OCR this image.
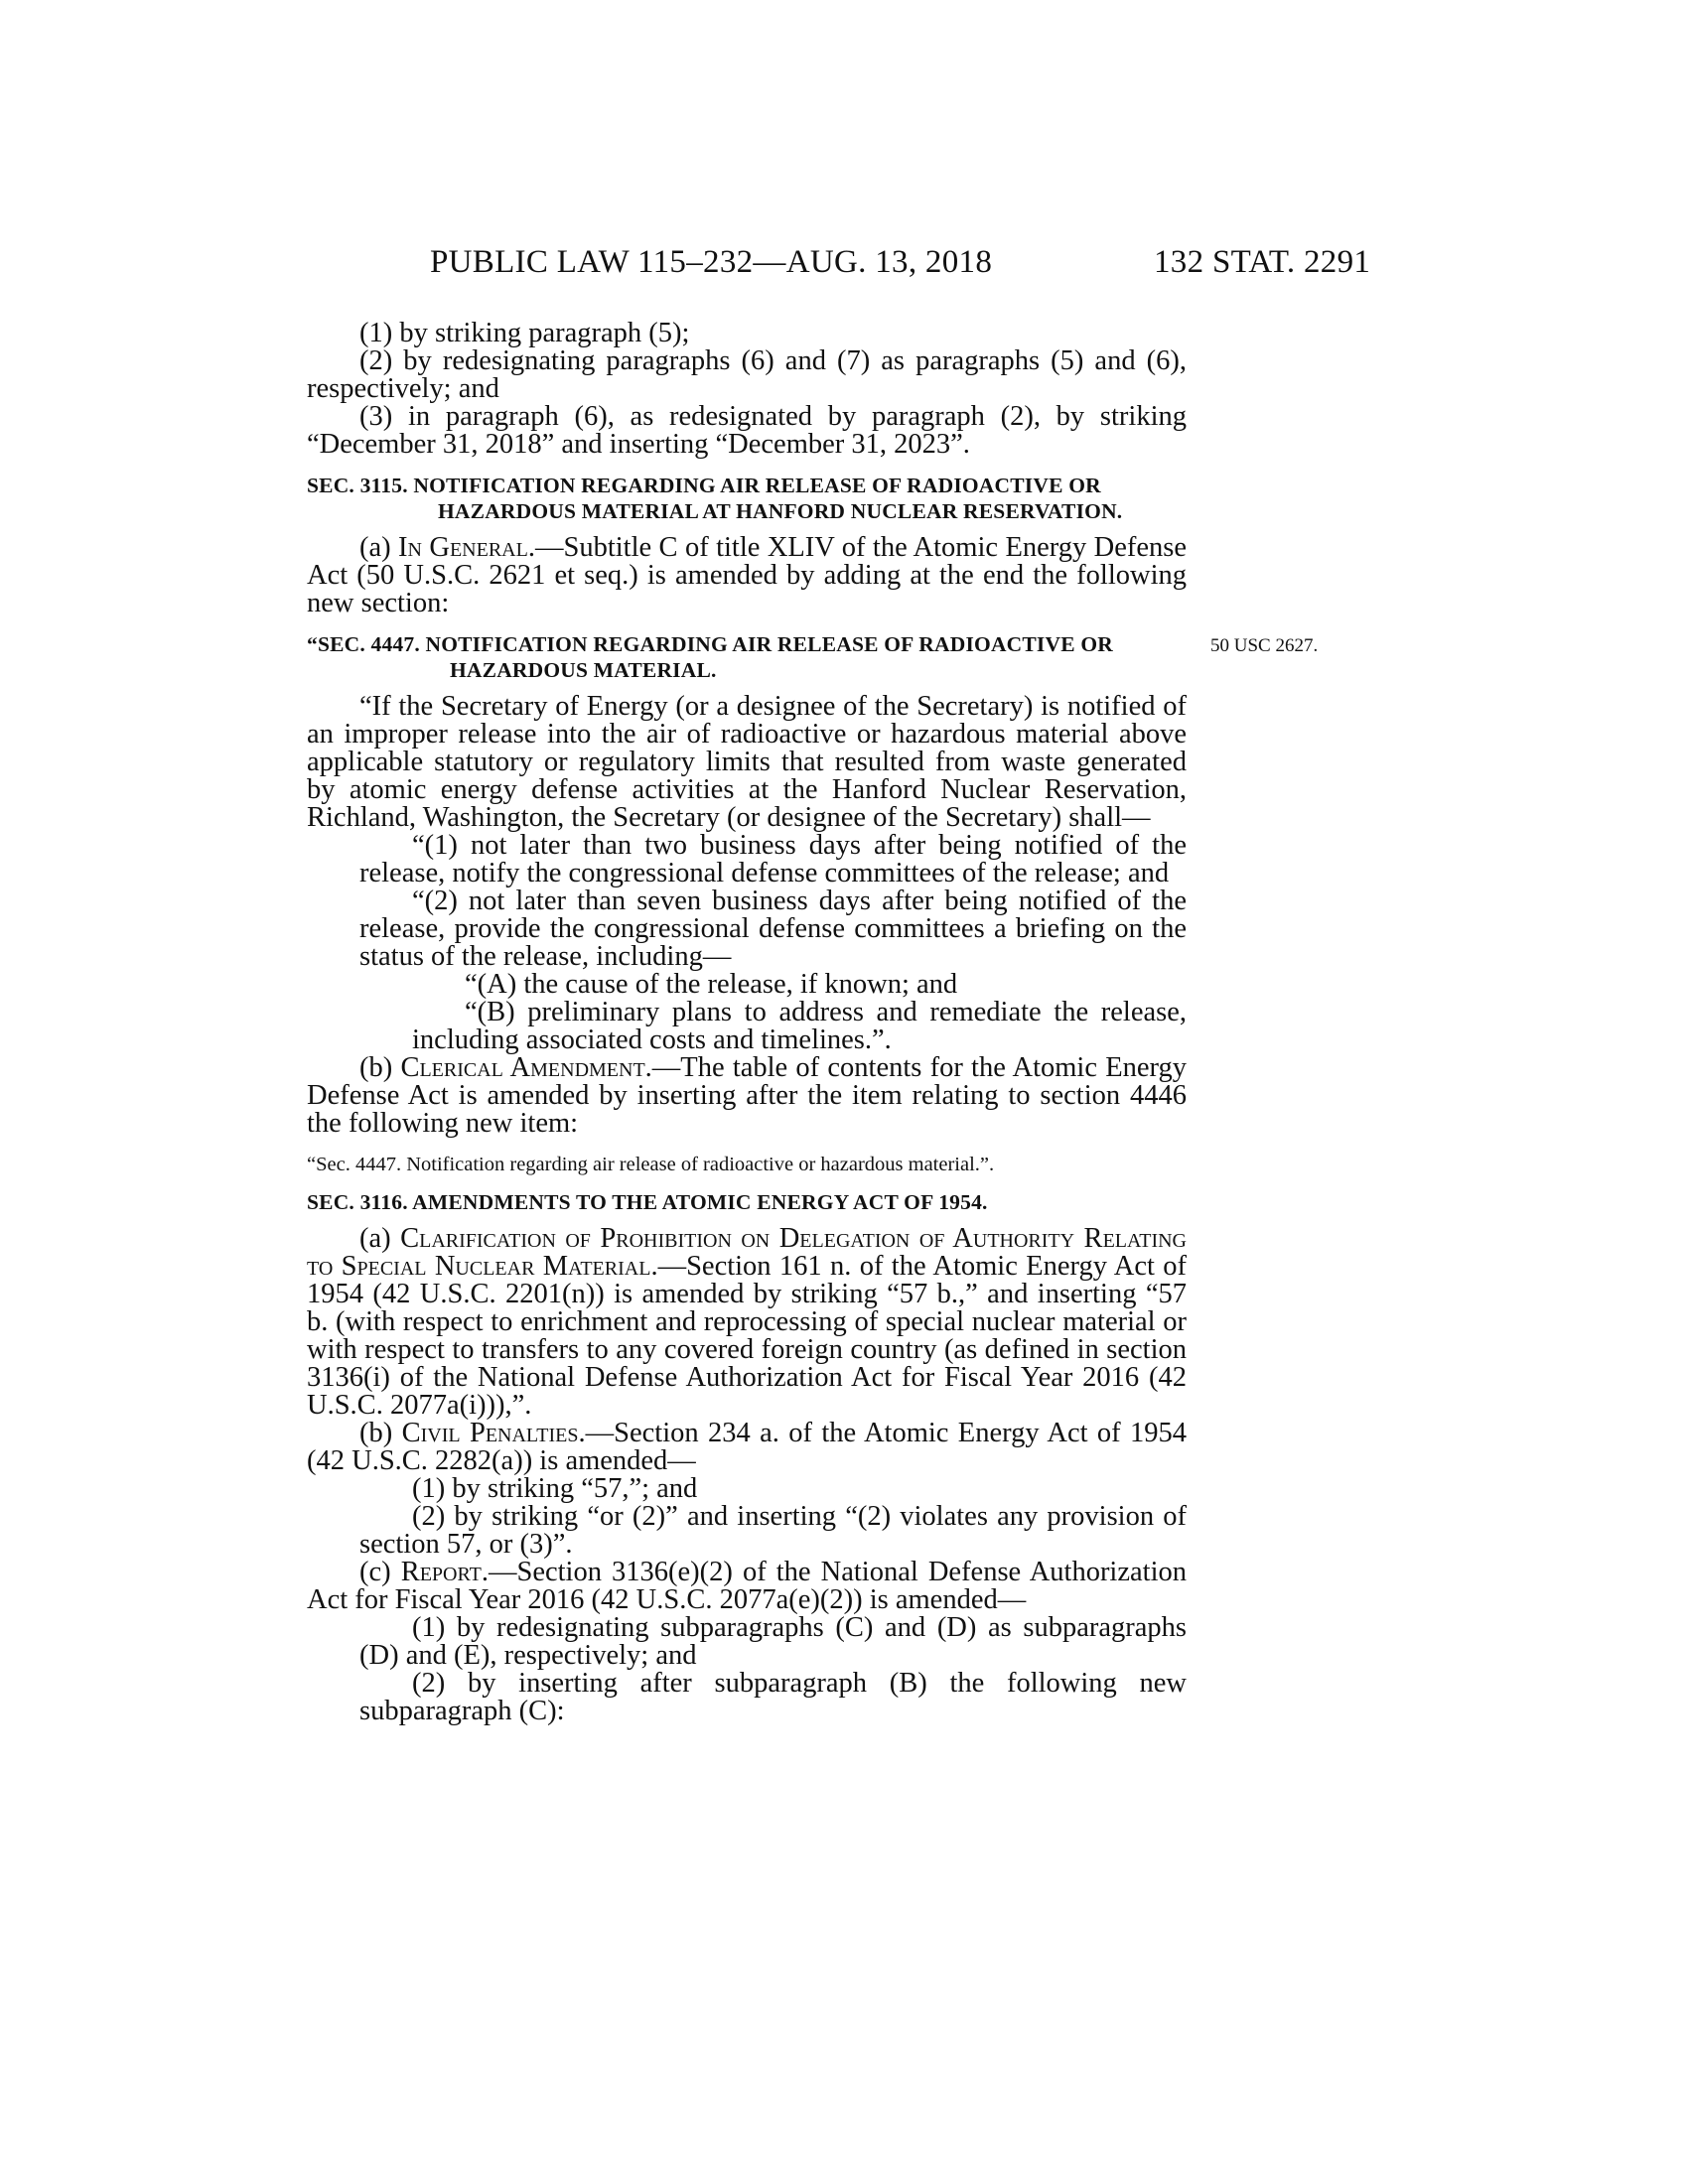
PUBLIC LAW 115–232—AUG. 13, 2018	132 STAT. 2291

(1) by striking paragraph (5);

(2) by redesignating paragraphs (6) and (7) as paragraphs (5) and (6), respectively; and

(3) in paragraph (6), as redesignated by paragraph (2), by striking “December 31, 2018” and inserting “December 31, 2023”.

SEC. 3115. NOTIFICATION REGARDING AIR RELEASE OF RADIOACTIVE OR HAZARDOUS MATERIAL AT HANFORD NUCLEAR RESERVATION.

(a) In General.—Subtitle C of title XLIV of the Atomic Energy Defense Act (50 U.S.C. 2621 et seq.) is amended by adding at the end the following new section:

“SEC. 4447. NOTIFICATION REGARDING AIR RELEASE OF RADIOACTIVE OR HAZARDOUS MATERIAL.
50 USC 2627.

“If the Secretary of Energy (or a designee of the Secretary) is notified of an improper release into the air of radioactive or hazardous material above applicable statutory or regulatory limits that resulted from waste generated by atomic energy defense activities at the Hanford Nuclear Reservation, Richland, Washington, the Secretary (or designee of the Secretary) shall—

“(1) not later than two business days after being notified of the release, notify the congressional defense committees of the release; and

“(2) not later than seven business days after being notified of the release, provide the congressional defense committees a briefing on the status of the release, including—

“(A) the cause of the release, if known; and

“(B) preliminary plans to address and remediate the release, including associated costs and timelines.”.

(b) Clerical Amendment.—The table of contents for the Atomic Energy Defense Act is amended by inserting after the item relating to section 4446 the following new item:

“Sec. 4447. Notification regarding air release of radioactive or hazardous material.”.
SEC. 3116. AMENDMENTS TO THE ATOMIC ENERGY ACT OF 1954.

(a) Clarification of Prohibition on Delegation of Authority Relating to Special Nuclear Material.—Section 161 n. of the Atomic Energy Act of 1954 (42 U.S.C. 2201(n)) is amended by striking “57 b.,” and inserting “57 b. (with respect to enrichment and reprocessing of special nuclear material or with respect to transfers to any covered foreign country (as defined in section 3136(i) of the National Defense Authorization Act for Fiscal Year 2016 (42 U.S.C. 2077a(i))),”.

(b) Civil Penalties.—Section 234 a. of the Atomic Energy Act of 1954 (42 U.S.C. 2282(a)) is amended—

(1) by striking “57,”; and

(2) by striking “or (2)” and inserting “(2) violates any provision of section 57, or (3)”.

(c) Report.—Section 3136(e)(2) of the National Defense Authorization Act for Fiscal Year 2016 (42 U.S.C. 2077a(e)(2)) is amended—

(1) by redesignating subparagraphs (C) and (D) as subparagraphs (D) and (E), respectively; and

(2) by inserting after subparagraph (B) the following new subparagraph (C):
